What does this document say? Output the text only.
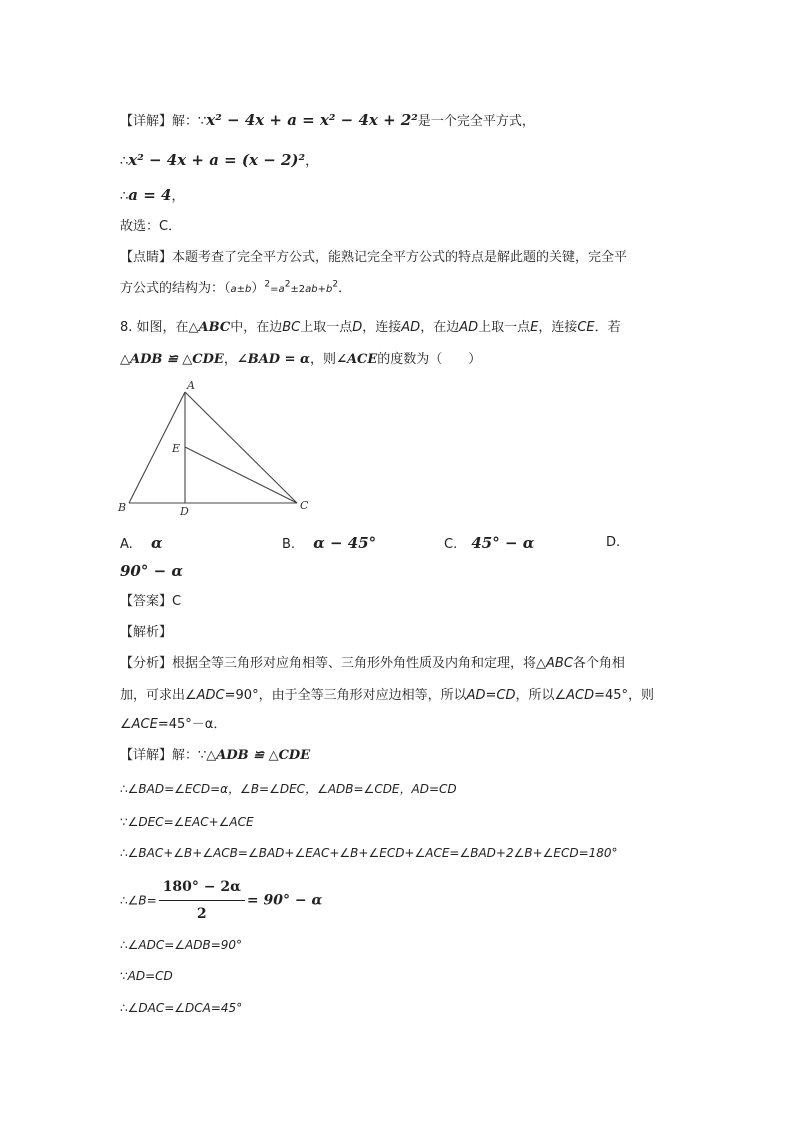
【详解】解：∵x² − 4x + a = x² − 4x + 2²是一个完全平方式，
∴x² − 4x + a = (x − 2)²，
∴a = 4，
故选：C．
【点睛】本题考查了完全平方公式，能熟记完全平方公式的特点是解此题的关键，完全平
方公式的结构为：$(a\pm b)^2=a^2\pm 2ab+b^2$．
8. 如图，在△ABC中，在边BC上取一点D，连接AD，在边AD上取一点E，连接CE．若
△ADB ≌ △CDE，∠BAD = α，则∠ACE的度数为（　　）
A
B	C
D
E
A. α	B. α − 45°	C. 45° − α	D.
90° − α
【答案】C
【解析】
【分析】根据全等三角形对应角相等、三角形外角性质及内角和定理，将△ABC各个角相
加，可求出∠ADC=90°，由于全等三角形对应边相等，所以AD=CD，所以∠ACD=45°，则
∠ACE=45°－α．
【详解】解：∵△ADB ≌ △CDE
∴∠BAD=∠ECD=α，∠B=∠DEC，∠ADB=∠CDE，AD=CD
∵∠DEC=∠EAC+∠ACE
∴∠BAC+∠B+∠ACB=∠BAD+∠EAC+∠B+∠ECD+∠ACE=∠BAD+2∠B+∠ECD=180°
∴∠B= $\frac{180^\circ - 2\alpha}{2} = 90^\circ - \alpha$
∴∠ADC=∠ADB=90°
∵AD=CD
∴∠DAC=∠DCA=45°
